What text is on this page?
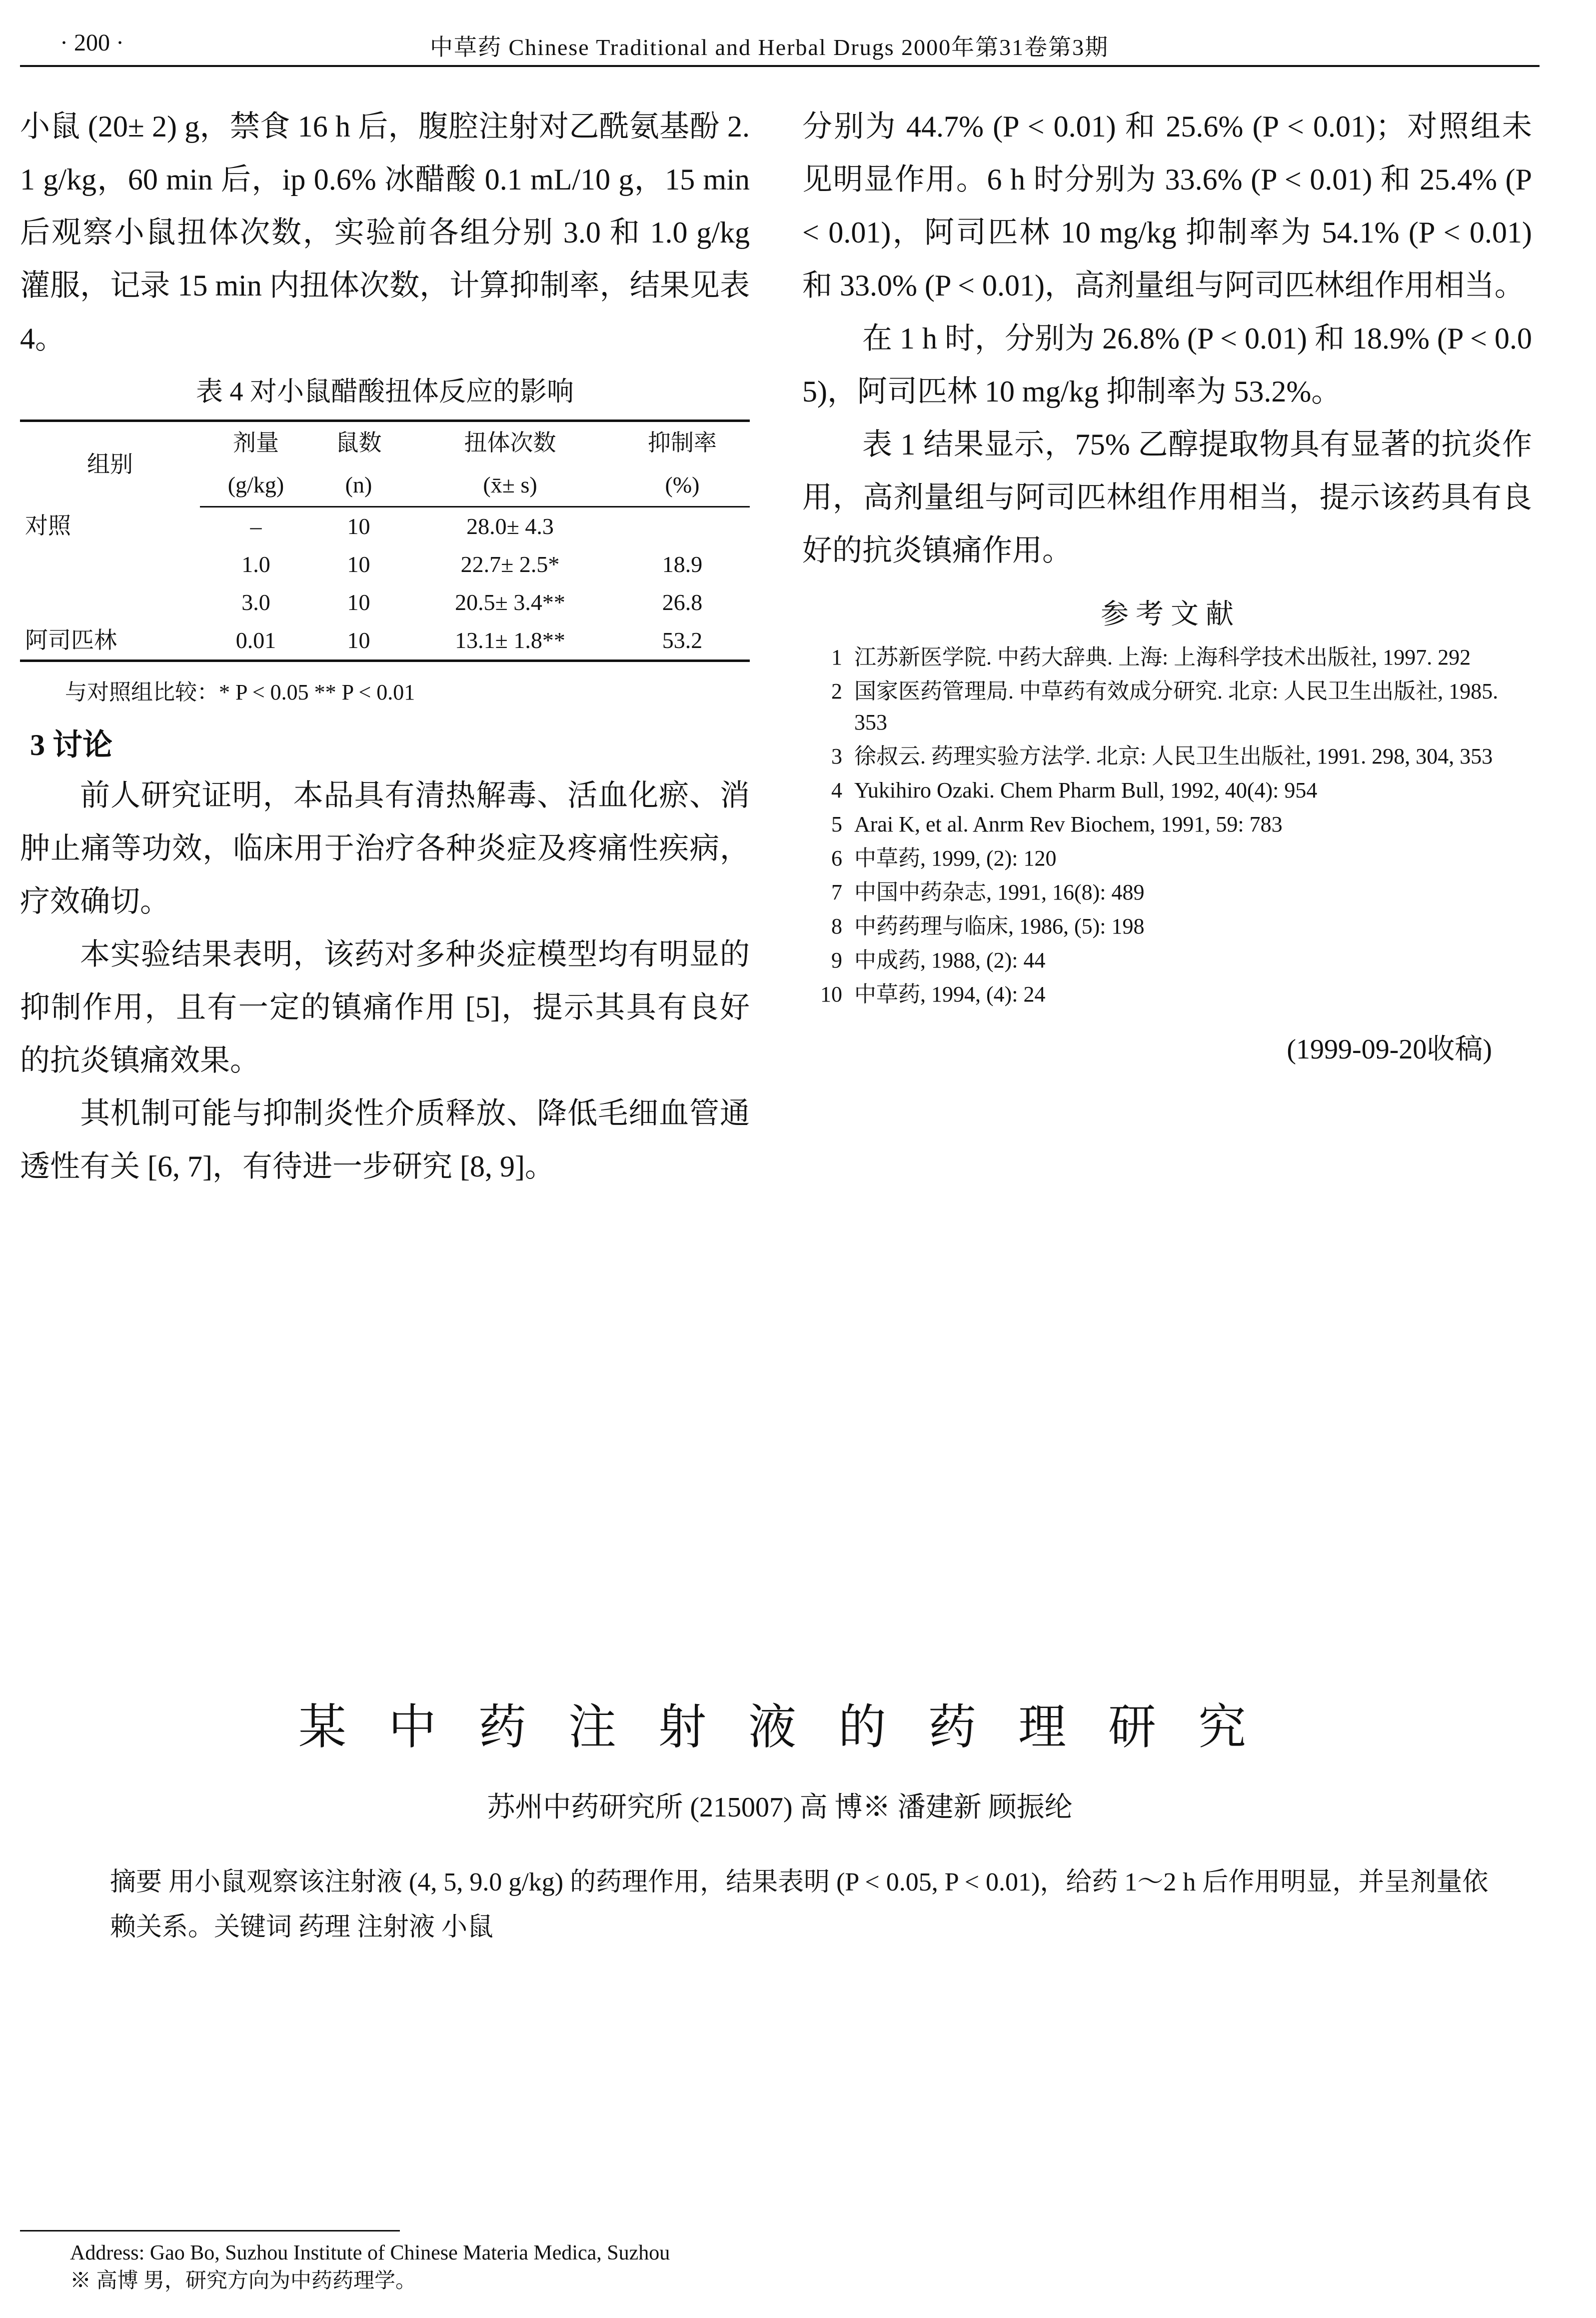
· 200 ·	中草药 Chinese Traditional and Herbal Drugs 2000年第31卷第3期

小鼠 (20± 2) g，禁食 16 h 后，腹腔注射对乙酰氨基酚 2.1 g/kg，60 min 后，ip 0.6% 冰醋酸 0.1 mL/10 g，15 min 后观察小鼠扭体次数，实验前各组分别 3.0 和 1.0 g/kg 灌服，记录 15 min 内扭体次数，计算抑制率，结果见表 4。

表 4 对小鼠醋酸扭体反应的影响
组别	剂量	鼠数	扭体次数	抑制率
	(g/kg)	(n)	(x̄± s)	(%)
对照	–	10	28.0± 4.3	
	1.0	10	22.7± 2.5*	18.9
	3.0	10	20.5± 3.4**	26.8
阿司匹林	0.01	10	13.1± 1.8**	53.2
与对照组比较：* P < 0.05 ** P < 0.01
3 讨论

前人研究证明，本品具有清热解毒、活血化瘀、消肿止痛等功效，临床用于治疗各种炎症及疼痛性疾病，疗效确切。

本实验结果表明，该药对多种炎症模型均有明显的抑制作用，且有一定的镇痛作用 [5]，提示其具有良好的抗炎镇痛效果。

其机制可能与抑制炎性介质释放、降低毛细血管通透性有关 [6, 7]，有待进一步研究 [8, 9]。

分别为 44.7% (P < 0.01) 和 25.6% (P < 0.01)；对照组未见明显作用。6 h 时分别为 33.6% (P < 0.01) 和 25.4% (P < 0.01)，阿司匹林 10 mg/kg 抑制率为 54.1% (P < 0.01) 和 33.0% (P < 0.01)，高剂量组与阿司匹林组作用相当。

在 1 h 时，分别为 26.8% (P < 0.01) 和 18.9% (P < 0.05)，阿司匹林 10 mg/kg 抑制率为 53.2%。

表 1 结果显示，75% 乙醇提取物具有显著的抗炎作用，高剂量组与阿司匹林组作用相当，提示该药具有良好的抗炎镇痛作用。

参 考 文 献
1 江苏新医学院. 中药大辞典. 上海: 上海科学技术出版社, 1997. 292
2 国家医药管理局. 中草药有效成分研究. 北京: 人民卫生出版社, 1985. 353
3 徐叔云. 药理实验方法学. 北京: 人民卫生出版社, 1991. 298, 304, 353
4 Yukihiro Ozaki. Chem Pharm Bull, 1992, 40(4): 954
5 Arai K, et al. Anrm Rev Biochem, 1991, 59: 783
6 中草药, 1999, (2): 120
7 中国中药杂志, 1991, 16(8): 489
8 中药药理与临床, 1986, (5): 198
9 中成药, 1988, (2): 44
10 中草药, 1994, (4): 24
(1999-09-20收稿)
某 中 药 注 射 液 的 药 理 研 究
苏州中药研究所 (215007) 高 博※ 潘建新 顾振纶
摘要 用小鼠观察该注射液 (4, 5, 9.0 g/kg) 的药理作用，结果表明 (P < 0.05, P < 0.01)，给药 1～2 h 后作用明显，并呈剂量依赖关系。关键词 药理 注射液 小鼠
Address: Gao Bo, Suzhou Institute of Chinese Materia Medica, Suzhou
※ 高博 男，研究方向为中药药理学。
